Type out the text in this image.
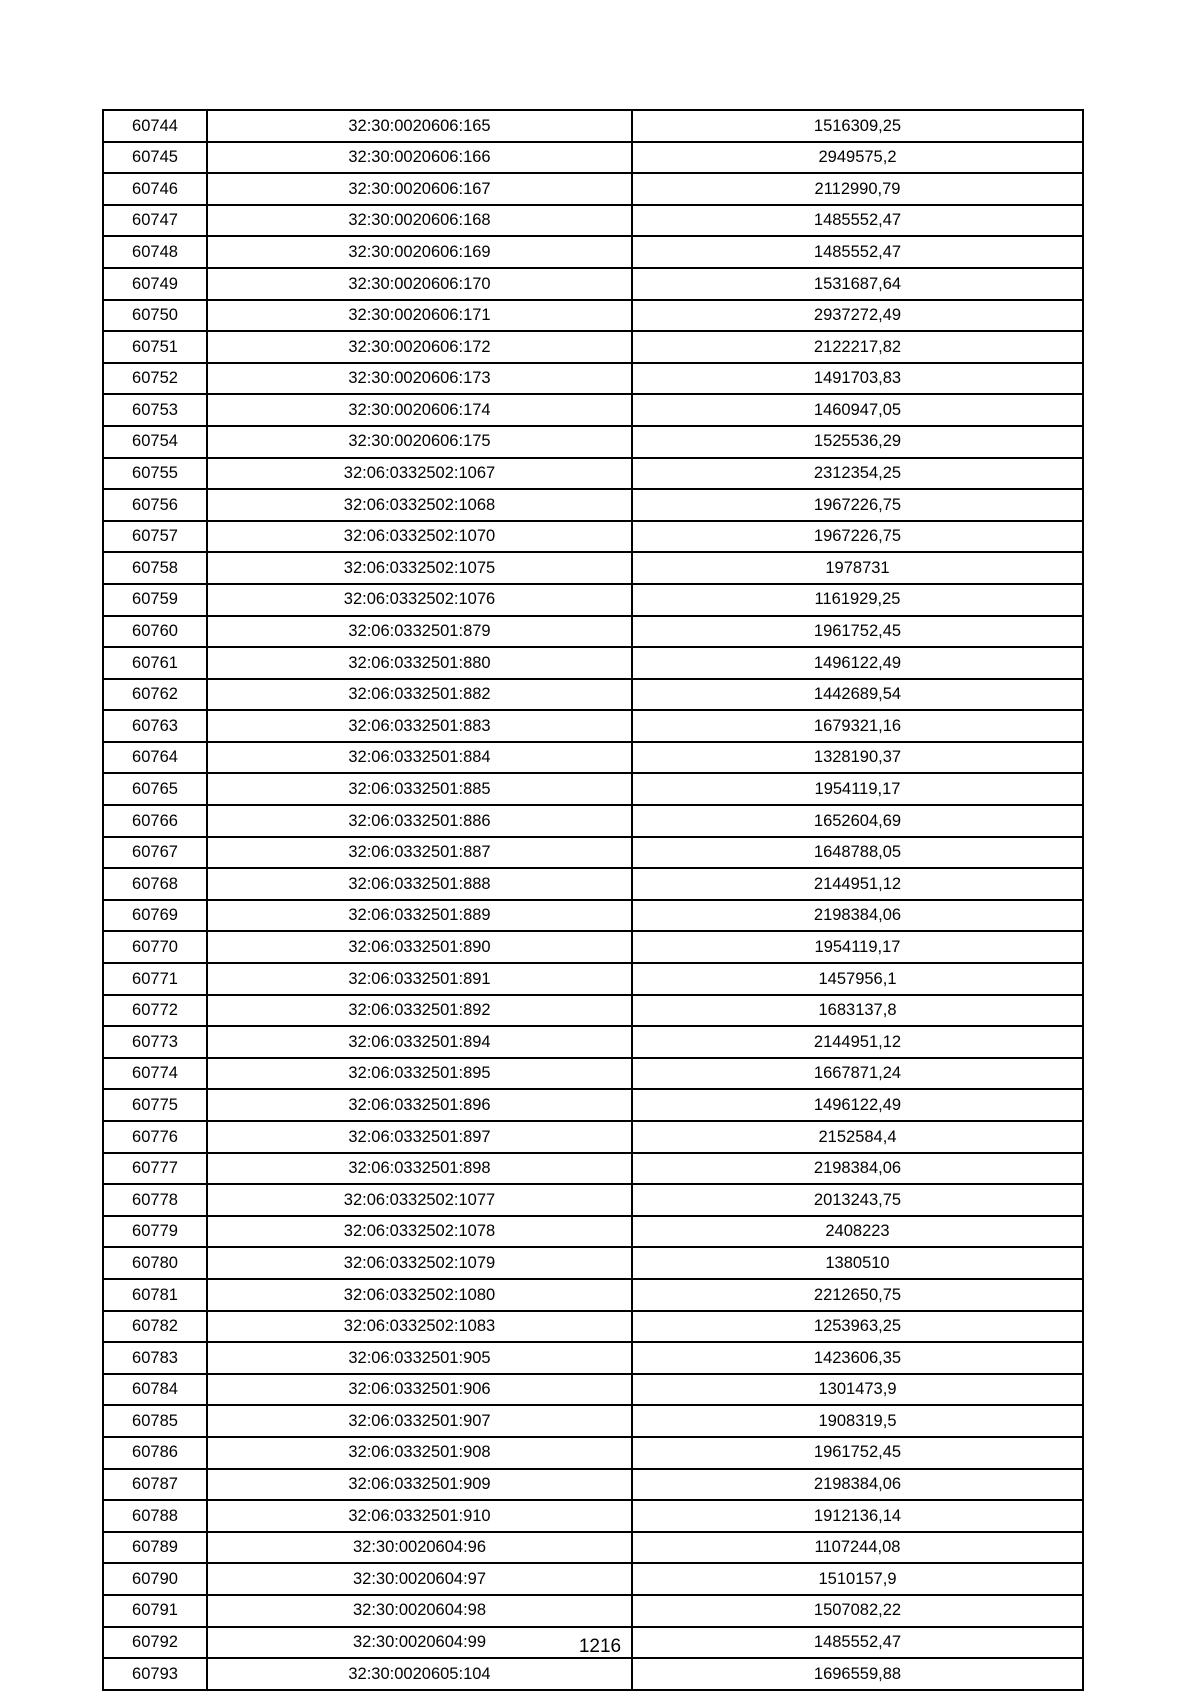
60744	32:30:0020606:165	1516309,25
60745	32:30:0020606:166	2949575,2
60746	32:30:0020606:167	2112990,79
60747	32:30:0020606:168	1485552,47
60748	32:30:0020606:169	1485552,47
60749	32:30:0020606:170	1531687,64
60750	32:30:0020606:171	2937272,49
60751	32:30:0020606:172	2122217,82
60752	32:30:0020606:173	1491703,83
60753	32:30:0020606:174	1460947,05
60754	32:30:0020606:175	1525536,29
60755	32:06:0332502:1067	2312354,25
60756	32:06:0332502:1068	1967226,75
60757	32:06:0332502:1070	1967226,75
60758	32:06:0332502:1075	1978731
60759	32:06:0332502:1076	1161929,25
60760	32:06:0332501:879	1961752,45
60761	32:06:0332501:880	1496122,49
60762	32:06:0332501:882	1442689,54
60763	32:06:0332501:883	1679321,16
60764	32:06:0332501:884	1328190,37
60765	32:06:0332501:885	1954119,17
60766	32:06:0332501:886	1652604,69
60767	32:06:0332501:887	1648788,05
60768	32:06:0332501:888	2144951,12
60769	32:06:0332501:889	2198384,06
60770	32:06:0332501:890	1954119,17
60771	32:06:0332501:891	1457956,1
60772	32:06:0332501:892	1683137,8
60773	32:06:0332501:894	2144951,12
60774	32:06:0332501:895	1667871,24
60775	32:06:0332501:896	1496122,49
60776	32:06:0332501:897	2152584,4
60777	32:06:0332501:898	2198384,06
60778	32:06:0332502:1077	2013243,75
60779	32:06:0332502:1078	2408223
60780	32:06:0332502:1079	1380510
60781	32:06:0332502:1080	2212650,75
60782	32:06:0332502:1083	1253963,25
60783	32:06:0332501:905	1423606,35
60784	32:06:0332501:906	1301473,9
60785	32:06:0332501:907	1908319,5
60786	32:06:0332501:908	1961752,45
60787	32:06:0332501:909	2198384,06
60788	32:06:0332501:910	1912136,14
60789	32:30:0020604:96	1107244,08
60790	32:30:0020604:97	1510157,9
60791	32:30:0020604:98	1507082,22
60792	32:30:0020604:99	1485552,47
60793	32:30:0020605:104	1696559,88
1216
